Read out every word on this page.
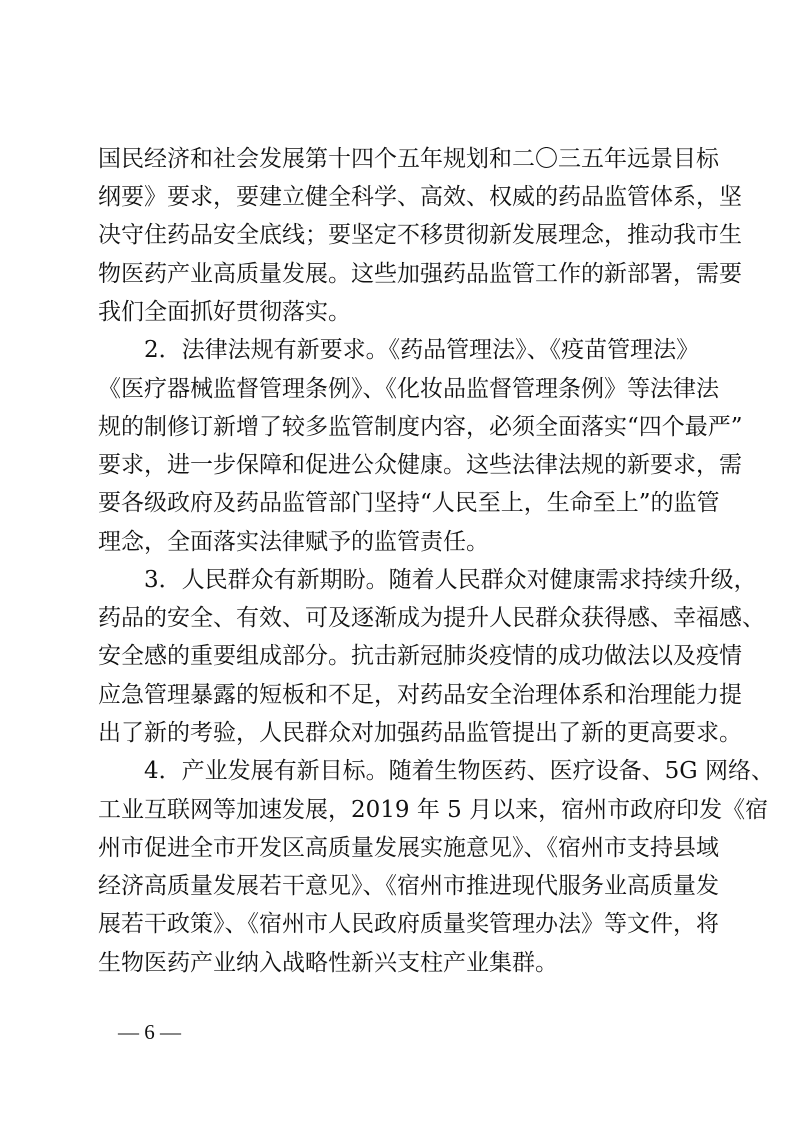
国民经济和社会发展第十四个五年规划和二〇三五年远景目标
纲要》要求，要建立健全科学、高效、权威的药品监管体系，坚
决守住药品安全底线；要坚定不移贯彻新发展理念，推动我市生
物医药产业高质量发展。这些加强药品监管工作的新部署，需要
我们全面抓好贯彻落实。
2．法律法规有新要求。《药品管理法》、《疫苗管理法》
《医疗器械监督管理条例》、《化妆品监督管理条例》等法律法
规的制修订新增了较多监管制度内容，必须全面落实“四个最严”
要求，进一步保障和促进公众健康。这些法律法规的新要求，需
要各级政府及药品监管部门坚持“人民至上，生命至上”的监管
理念，全面落实法律赋予的监管责任。
3．人民群众有新期盼。随着人民群众对健康需求持续升级，
药品的安全、有效、可及逐渐成为提升人民群众获得感、幸福感、
安全感的重要组成部分。抗击新冠肺炎疫情的成功做法以及疫情
应急管理暴露的短板和不足，对药品安全治理体系和治理能力提
出了新的考验，人民群众对加强药品监管提出了新的更高要求。
4．产业发展有新目标。随着生物医药、医疗设备、5G 网络、
工业互联网等加速发展，2019 年 5 月以来，宿州市政府印发《宿
州市促进全市开发区高质量发展实施意见》、《宿州市支持县域
经济高质量发展若干意见》、《宿州市推进现代服务业高质量发
展若干政策》、《宿州市人民政府质量奖管理办法》等文件，将
生物医药产业纳入战略性新兴支柱产业集群。
— 6 —
